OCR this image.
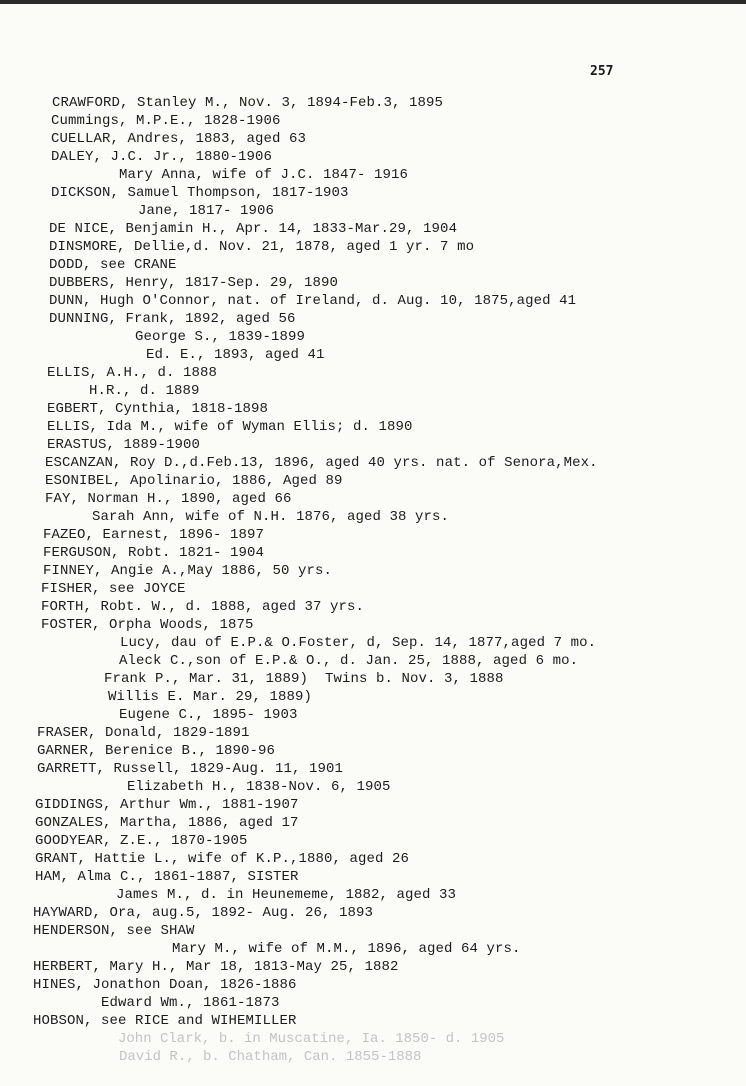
257
CRAWFORD, Stanley M., Nov. 3, 1894-Feb.3, 1895
Cummings, M.P.E., 1828-1906
CUELLAR, Andres, 1883, aged 63
DALEY, J.C. Jr., 1880-1906
Mary Anna, wife of J.C. 1847- 1916
DICKSON, Samuel Thompson, 1817-1903
Jane, 1817- 1906
DE NICE, Benjamin H., Apr. 14, 1833-Mar.29, 1904
DINSMORE, Dellie,d. Nov. 21, 1878, aged 1 yr. 7 mo
DODD, see CRANE
DUBBERS, Henry, 1817-Sep. 29, 1890
DUNN, Hugh O'Connor, nat. of Ireland, d. Aug. 10, 1875,aged 41
DUNNING, Frank, 1892, aged 56
George S., 1839-1899
Ed. E., 1893, aged 41
ELLIS, A.H., d. 1888
H.R., d. 1889
EGBERT, Cynthia, 1818-1898
ELLIS, Ida M., wife of Wyman Ellis; d. 1890
ERASTUS, 1889-1900
ESCANZAN, Roy D.,d.Feb.13, 1896, aged 40 yrs. nat. of Senora,Mex.
ESONIBEL, Apolinario, 1886, Aged 89
FAY, Norman H., 1890, aged 66
Sarah Ann, wife of N.H. 1876, aged 38 yrs.
FAZEO, Earnest, 1896- 1897
FERGUSON, Robt. 1821- 1904
FINNEY, Angie A.,May 1886, 50 yrs.
FISHER, see JOYCE
FORTH, Robt. W., d. 1888, aged 37 yrs.
FOSTER, Orpha Woods, 1875
Lucy, dau of E.P.& O.Foster, d, Sep. 14, 1877,aged 7 mo.
Aleck C.,son of E.P.& O., d. Jan. 25, 1888, aged 6 mo.
Frank P., Mar. 31, 1889)  Twins b. Nov. 3, 1888
Willis E. Mar. 29, 1889)
Eugene C., 1895- 1903
FRASER, Donald, 1829-1891
GARNER, Berenice B., 1890-96
GARRETT, Russell, 1829-Aug. 11, 1901
Elizabeth H., 1838-Nov. 6, 1905
GIDDINGS, Arthur Wm., 1881-1907
GONZALES, Martha, 1886, aged 17
GOODYEAR, Z.E., 1870-1905
GRANT, Hattie L., wife of K.P.,1880, aged 26
HAM, Alma C., 1861-1887, SISTER
James M., d. in Heunememe, 1882, aged 33
HAYWARD, Ora, aug.5, 1892- Aug. 26, 1893
HENDERSON, see SHAW
Mary M., wife of M.M., 1896, aged 64 yrs.
HERBERT, Mary H., Mar 18, 1813-May 25, 1882
HINES, Jonathon Doan, 1826-1886
Edward Wm., 1861-1873
HOBSON, see RICE and WIHEMILLER
John Clark, b. in Muscatine, Ia. 1850- d. 1905
David R., b. Chatham, Can. 1855-1888
